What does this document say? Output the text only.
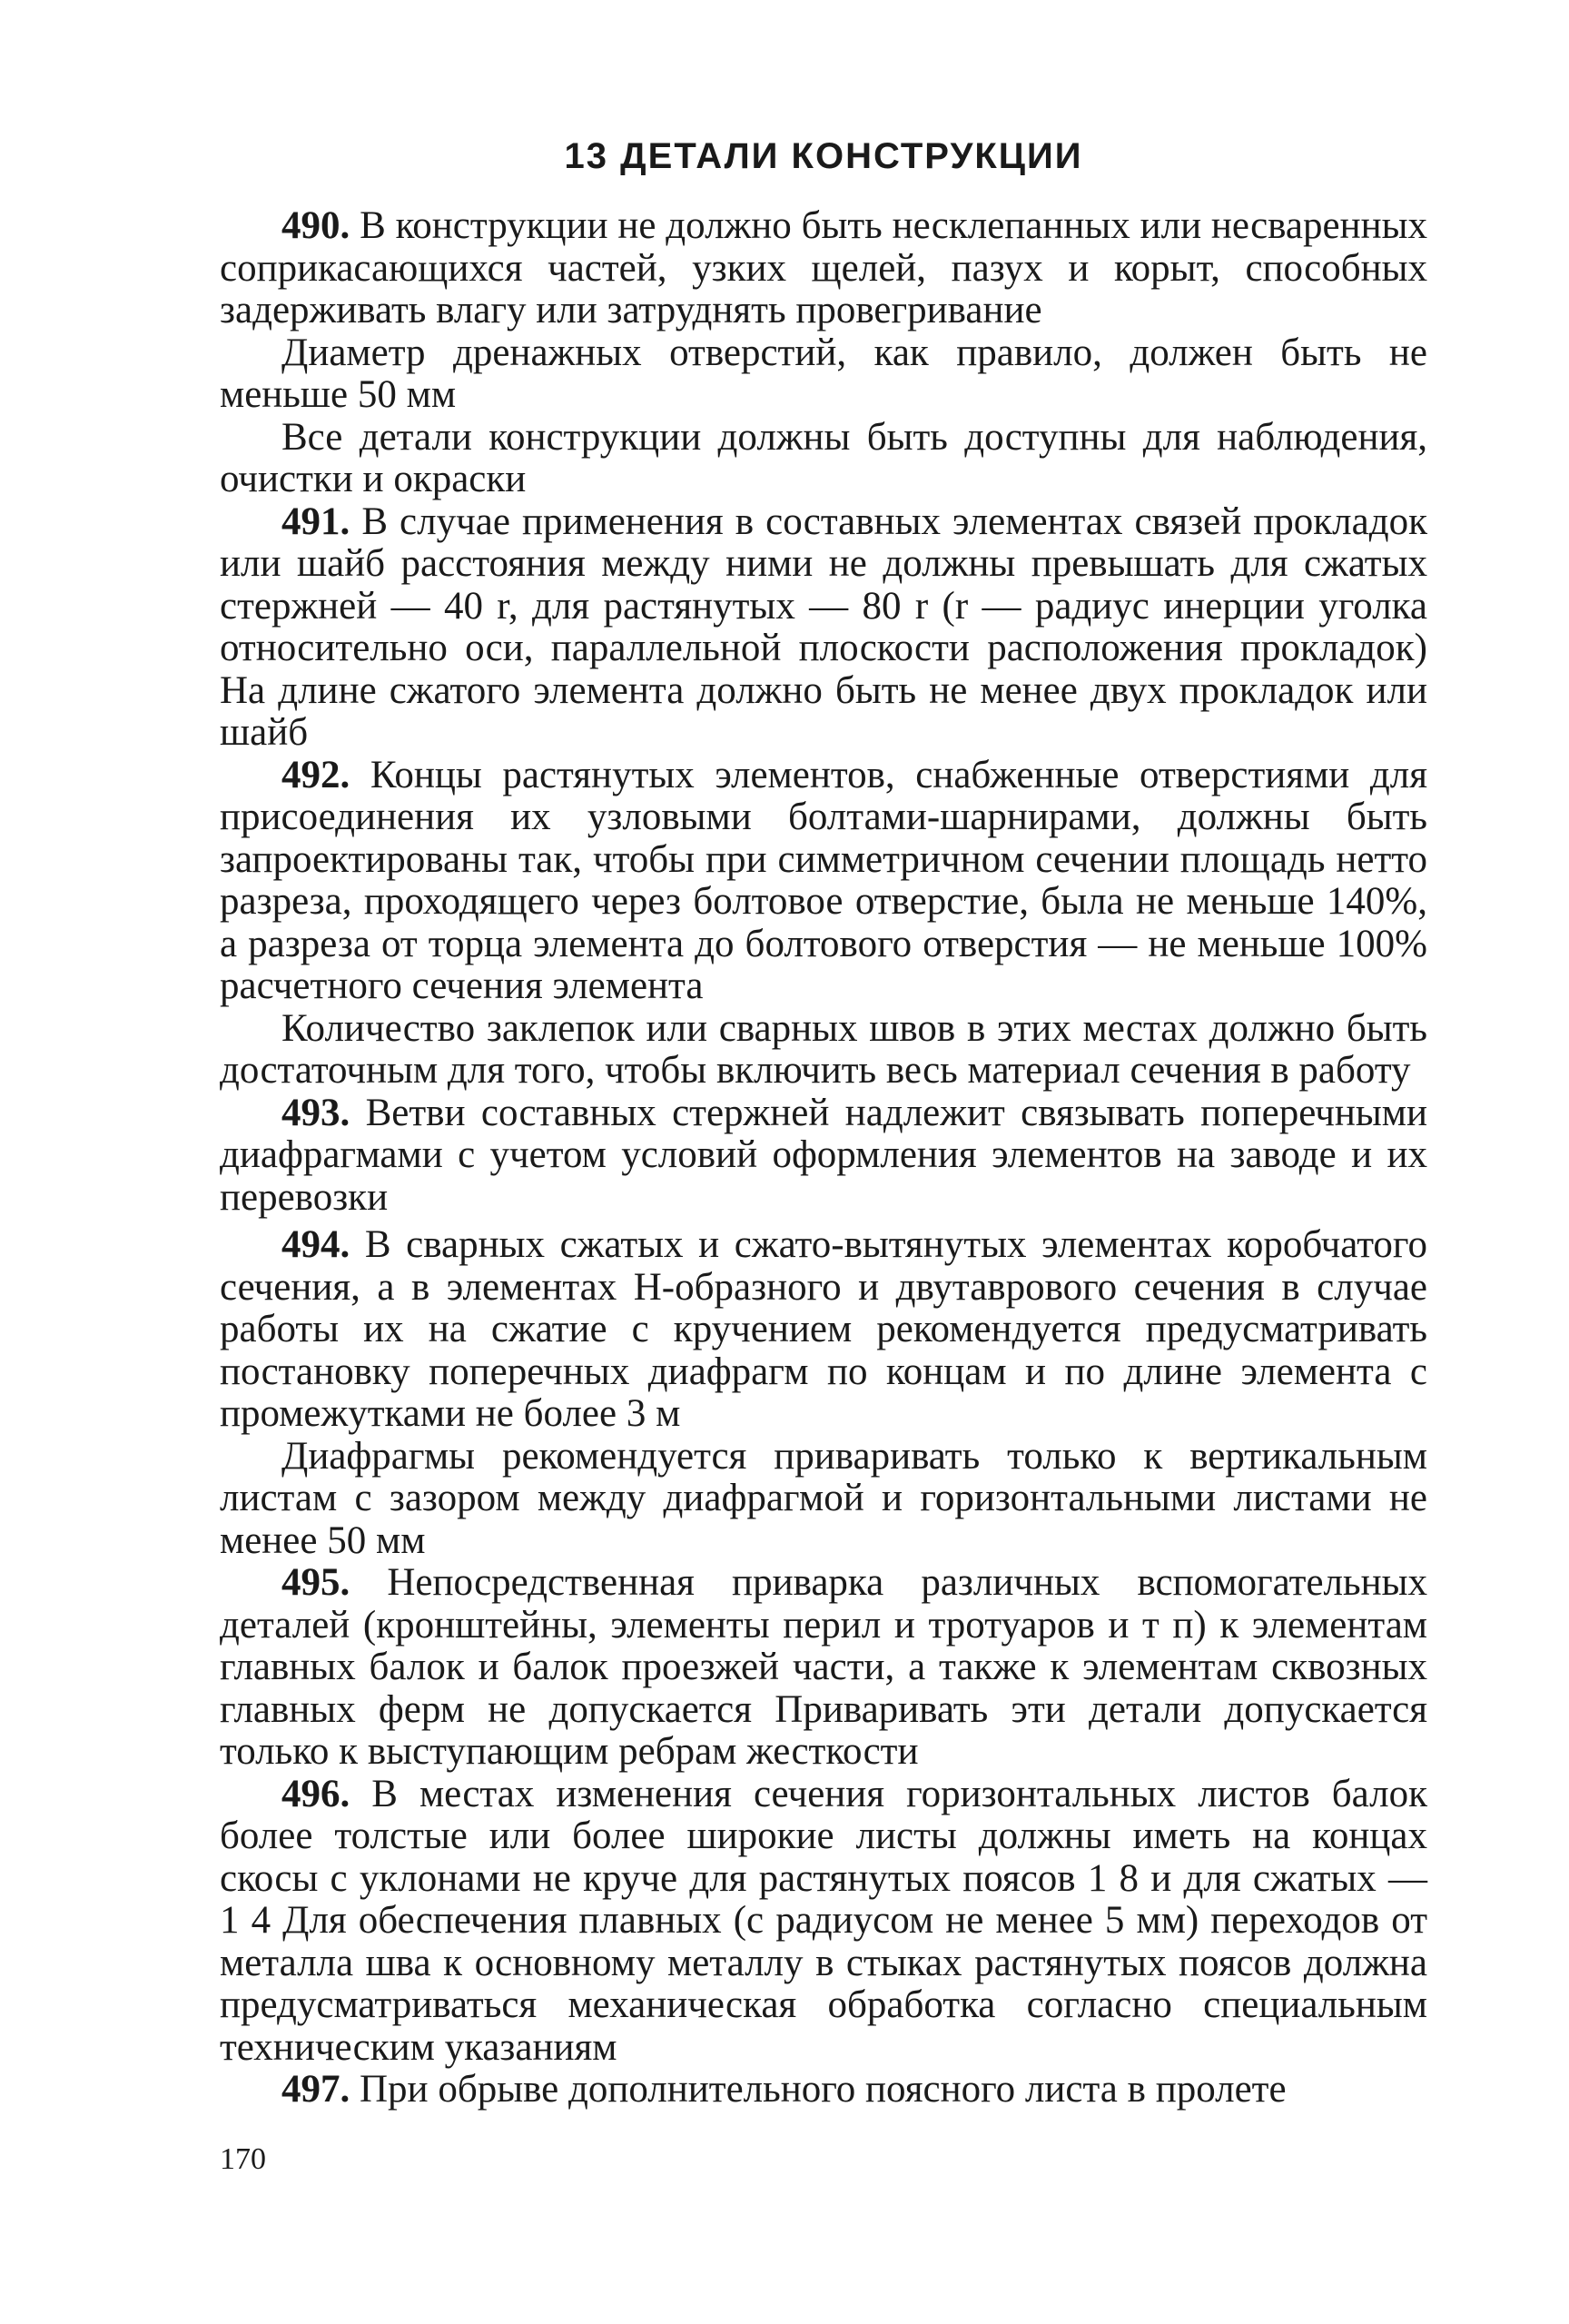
13 ДЕТАЛИ КОНСТРУКЦИИ

490. В конструкции не должно быть несклепанных или несваренных соприкасающихся частей, узких щелей, пазух и корыт, способных задерживать влагу или затруднять провегривание

Диаметр дренажных отверстий, как правило, должен быть не меньше 50 мм

Все детали конструкции должны быть доступны для наблюдения, очистки и окраски

491. В случае применения в составных элементах связей прокладок или шайб расстояния между ними не должны превышать для сжатых стержней — 40 r, для растянутых — 80 r (r — радиус инерции уголка относительно оси, параллельной плоскости расположения прокладок) На длине сжатого элемента должно быть не менее двух прокладок или шайб

492. Концы растянутых элементов, снабженные отверстиями для присоединения их узловыми болтами-шарнирами, должны быть запроектированы так, чтобы при симметричном сечении площадь нетто разреза, проходящего через болтовое отверстие, была не меньше 140%, а разреза от торца элемента до болтового отверстия — не меньше 100% расчетного сечения элемента

Количество заклепок или сварных швов в этих местах должно быть достаточным для того, чтобы включить весь материал сечения в работу

493. Ветви составных стержней надлежит связывать поперечными диафрагмами с учетом условий оформления элементов на заводе и их перевозки

494. В сварных сжатых и сжато-вытянутых элементах коробчатого сечения, а в элементах Н-образного и двутаврового сечения в случае работы их на сжатие с кручением рекомендуется предусматривать постановку поперечных диафрагм по концам и по длине элемента с промежутками не более 3 м

Диафрагмы рекомендуется приваривать только к вертикальным листам с зазором между диафрагмой и горизонтальными листами не менее 50 мм

495. Непосредственная приварка различных вспомогательных деталей (кронштейны, элементы перил и тротуаров и т п) к элементам главных балок и балок проезжей части, а также к элементам сквозных главных ферм не допускается Приваривать эти детали допускается только к выступающим ребрам жесткости

496. В местах изменения сечения горизонтальных листов балок более толстые или более широкие листы должны иметь на концах скосы с уклонами не круче для растянутых поясов 1 8 и для сжатых — 1 4 Для обеспечения плавных (с радиусом не менее 5 мм) переходов от металла шва к основному металлу в стыках растянутых поясов должна предусматриваться механическая обработка согласно специальным техническим указаниям

497. При обрыве дополнительного поясного листа в пролете

170
